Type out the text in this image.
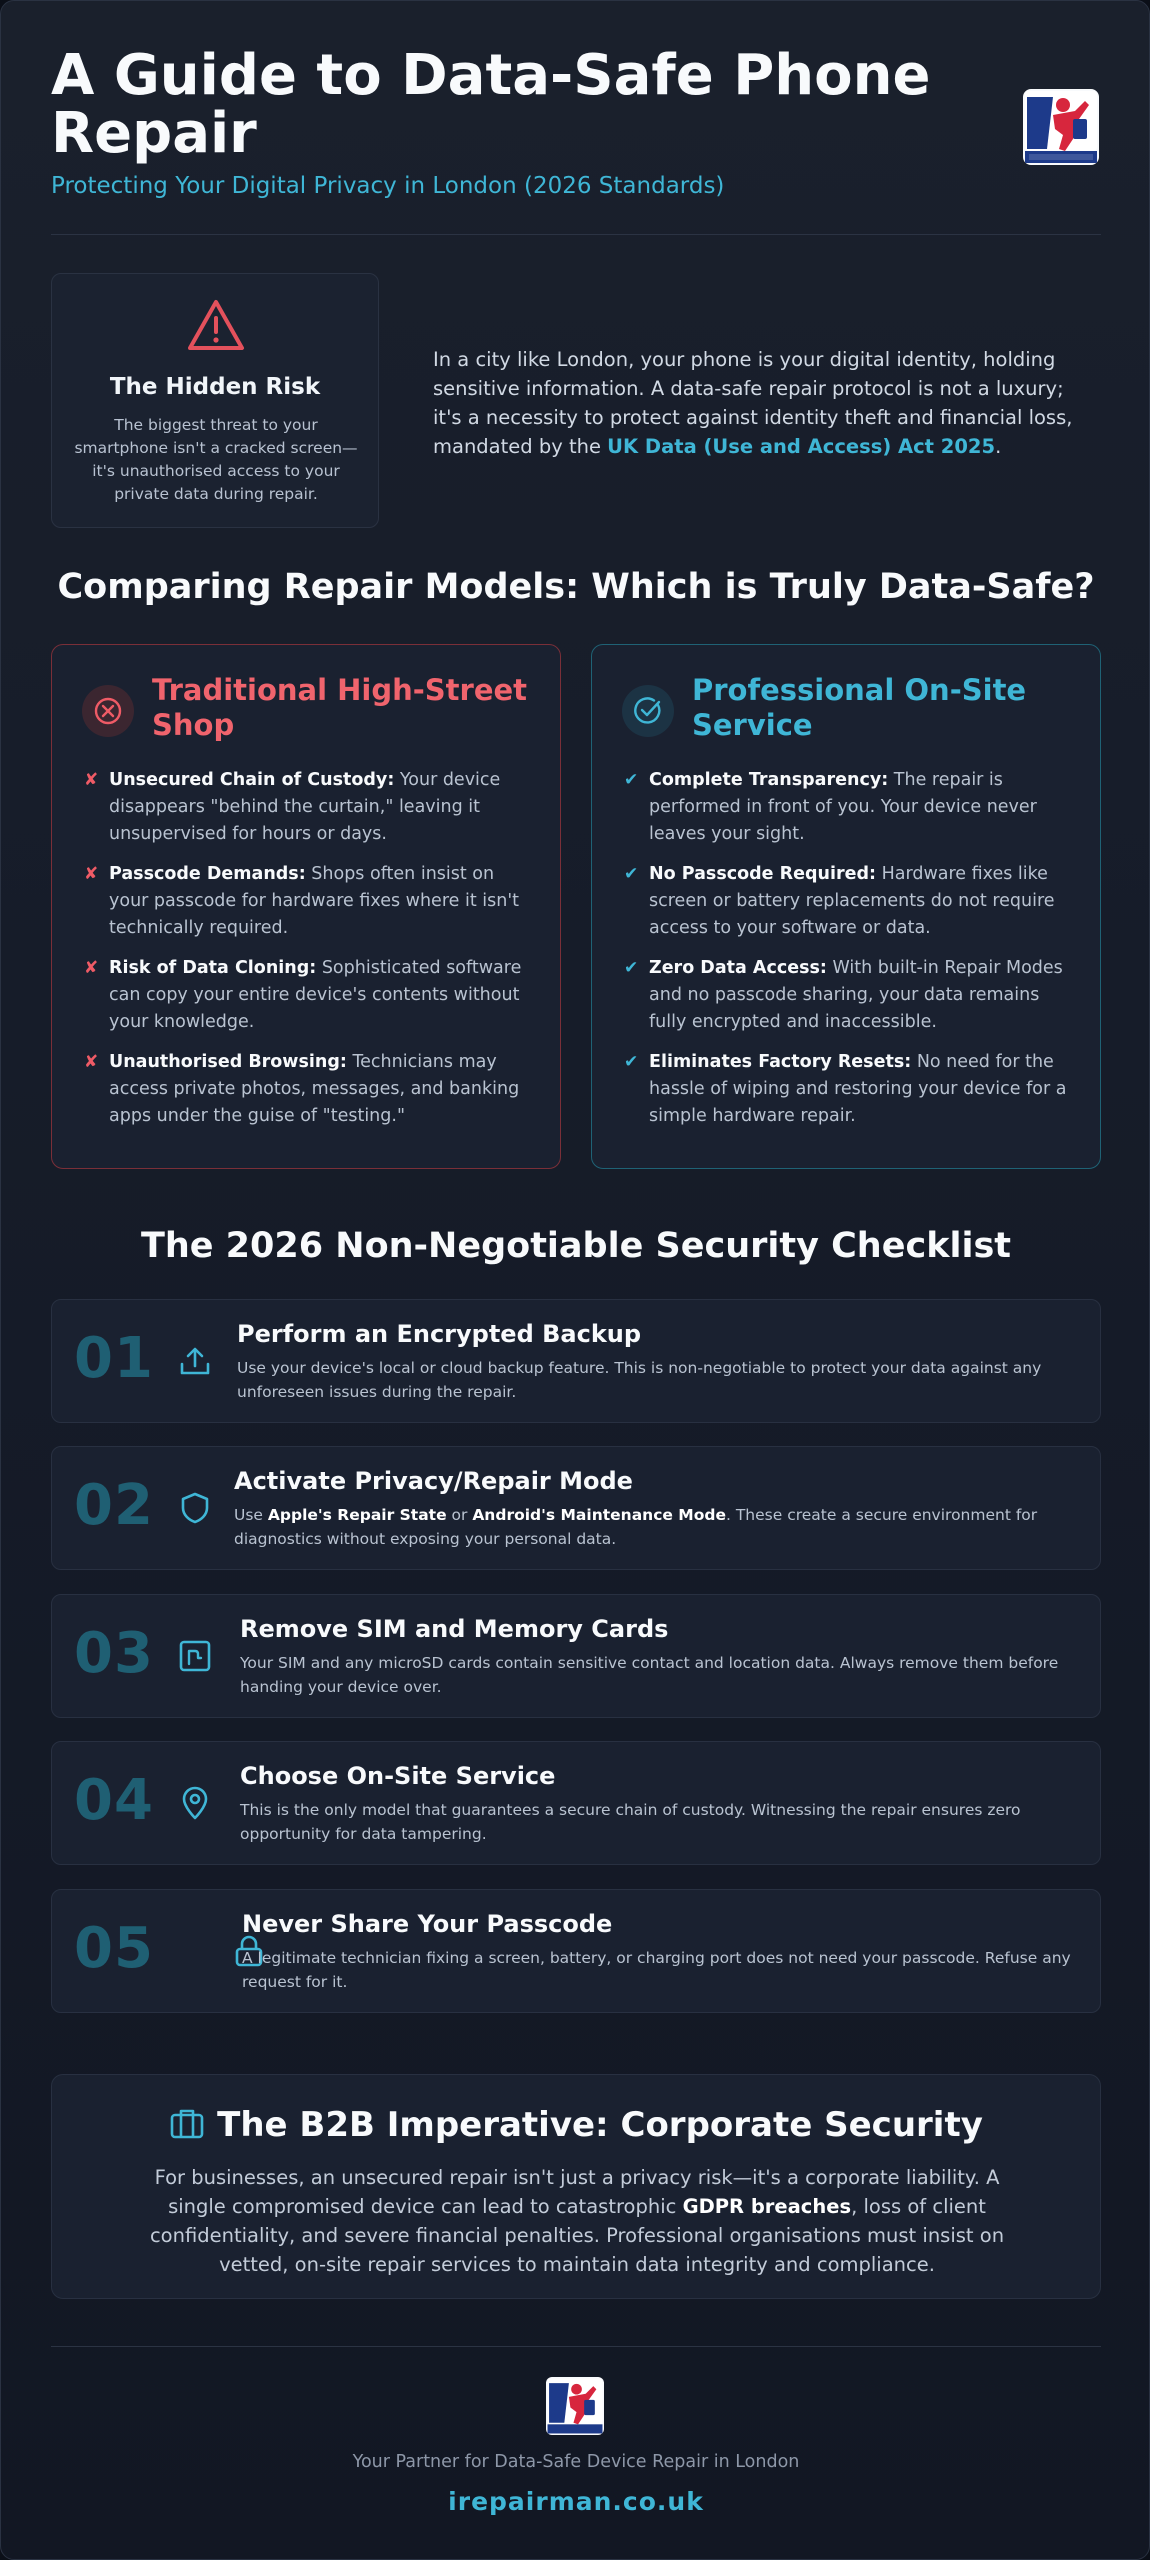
A Guide to Data-Safe Phone Repair
Protecting Your Digital Privacy in London (2026 Standards)
The Hidden Risk
The biggest threat to your smartphone isn't a cracked screen—it's unauthorised access to your private data during repair.

In a city like London, your phone is your digital identity, holding sensitive information. A data-safe repair protocol is not a luxury; it's a necessity to protect against identity theft and financial loss, mandated by the UK Data (Use and Access) Act 2025.

Comparing Repair Models: Which is Truly Data-Safe?
Traditional High-Street Shop
✘ Unsecured Chain of Custody: Your device disappears "behind the curtain," leaving it unsupervised for hours or days.
✘ Passcode Demands: Shops often insist on your passcode for hardware fixes where it isn't technically required.
✘ Risk of Data Cloning: Sophisticated software can copy your entire device's contents without your knowledge.
✘ Unauthorised Browsing: Technicians may access private photos, messages, and banking apps under the guise of "testing."
Professional On-Site Service
✔ Complete Transparency: The repair is performed in front of you. Your device never leaves your sight.
✔ No Passcode Required: Hardware fixes like screen or battery replacements do not require access to your software or data.
✔ Zero Data Access: With built-in Repair Modes and no passcode sharing, your data remains fully encrypted and inaccessible.
✔ Eliminates Factory Resets: No need for the hassle of wiping and restoring your device for a simple hardware repair.
The 2026 Non-Negotiable Security Checklist
01	Perform an Encrypted Backup
Use your device's local or cloud backup feature. This is non-negotiable to protect your data against any unforeseen issues during the repair.
02	Activate Privacy/Repair Mode
Use Apple's Repair State or Android's Maintenance Mode. These create a secure environment for diagnostics without exposing your personal data.
03	Remove SIM and Memory Cards
Your SIM and any microSD cards contain sensitive contact and location data. Always remove them before handing your device over.
04	Choose On-Site Service
This is the only model that guarantees a secure chain of custody. Witnessing the repair ensures zero opportunity for data tampering.
05	Never Share Your Passcode
A legitimate technician fixing a screen, battery, or charging port does not need your passcode. Refuse any request for it.
The B2B Imperative: Corporate Security
For businesses, an unsecured repair isn't just a privacy risk—it's a corporate liability. A single compromised device can lead to catastrophic GDPR breaches, loss of client confidentiality, and severe financial penalties. Professional organisations must insist on vetted, on-site repair services to maintain data integrity and compliance.
Your Partner for Data-Safe Device Repair in London
irepairman.co.uk
